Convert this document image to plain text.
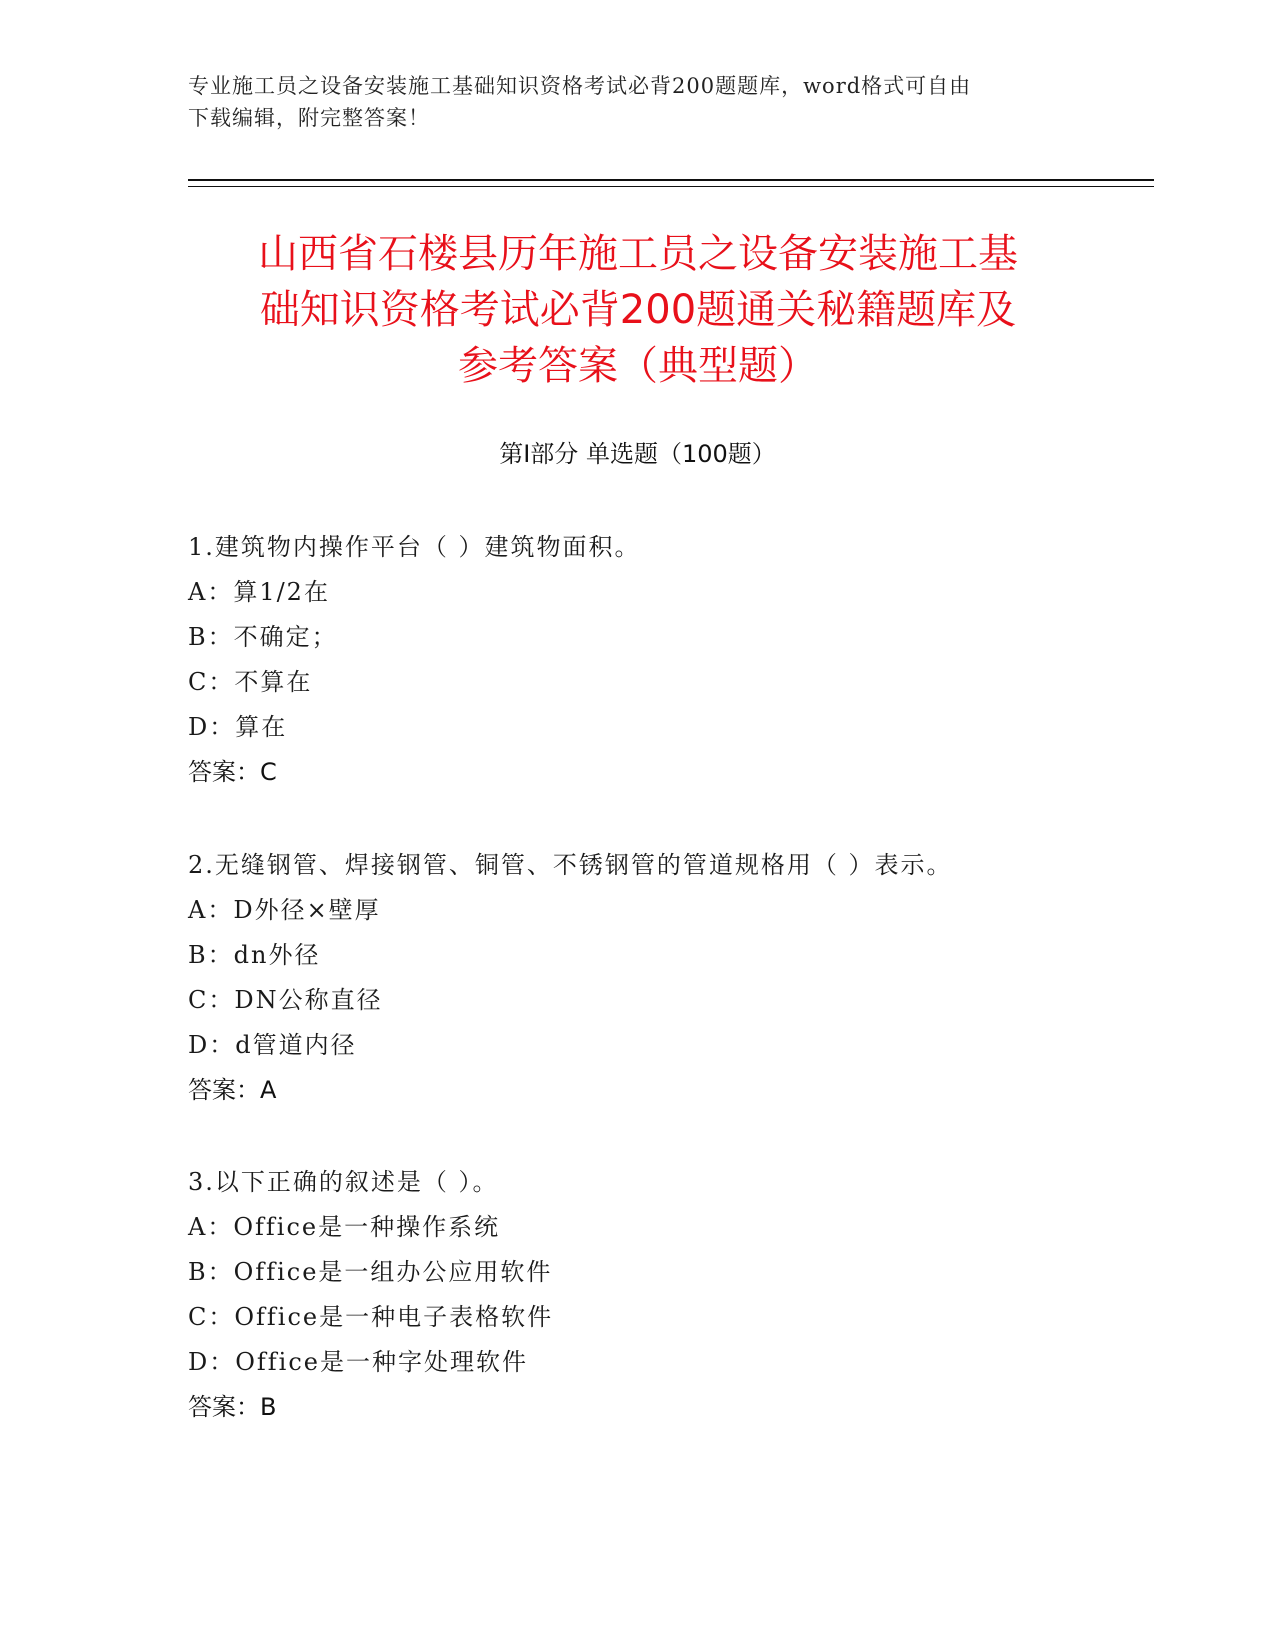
专业施工员之设备安装施工基础知识资格考试必背200题题库，word格式可自由
下载编辑，附完整答案！
山西省石楼县历年施工员之设备安装施工基
础知识资格考试必背200题通关秘籍题库及
参考答案（典型题）
第Ⅰ部分 单选题（100题）
1.建筑物内操作平台（ ）建筑物面积。
A：算1/2在
B：不确定；
C：不算在
D：算在
答案：C
2.无缝钢管、焊接钢管、铜管、不锈钢管的管道规格用（ ）表示。
A：D外径×壁厚
B：dn外径
C：DN公称直径
D：d管道内径
答案：A
3.以下正确的叙述是（ ）。
A：Office是一种操作系统
B：Office是一组办公应用软件
C：Office是一种电子表格软件
D：Office是一种字处理软件
答案：B
